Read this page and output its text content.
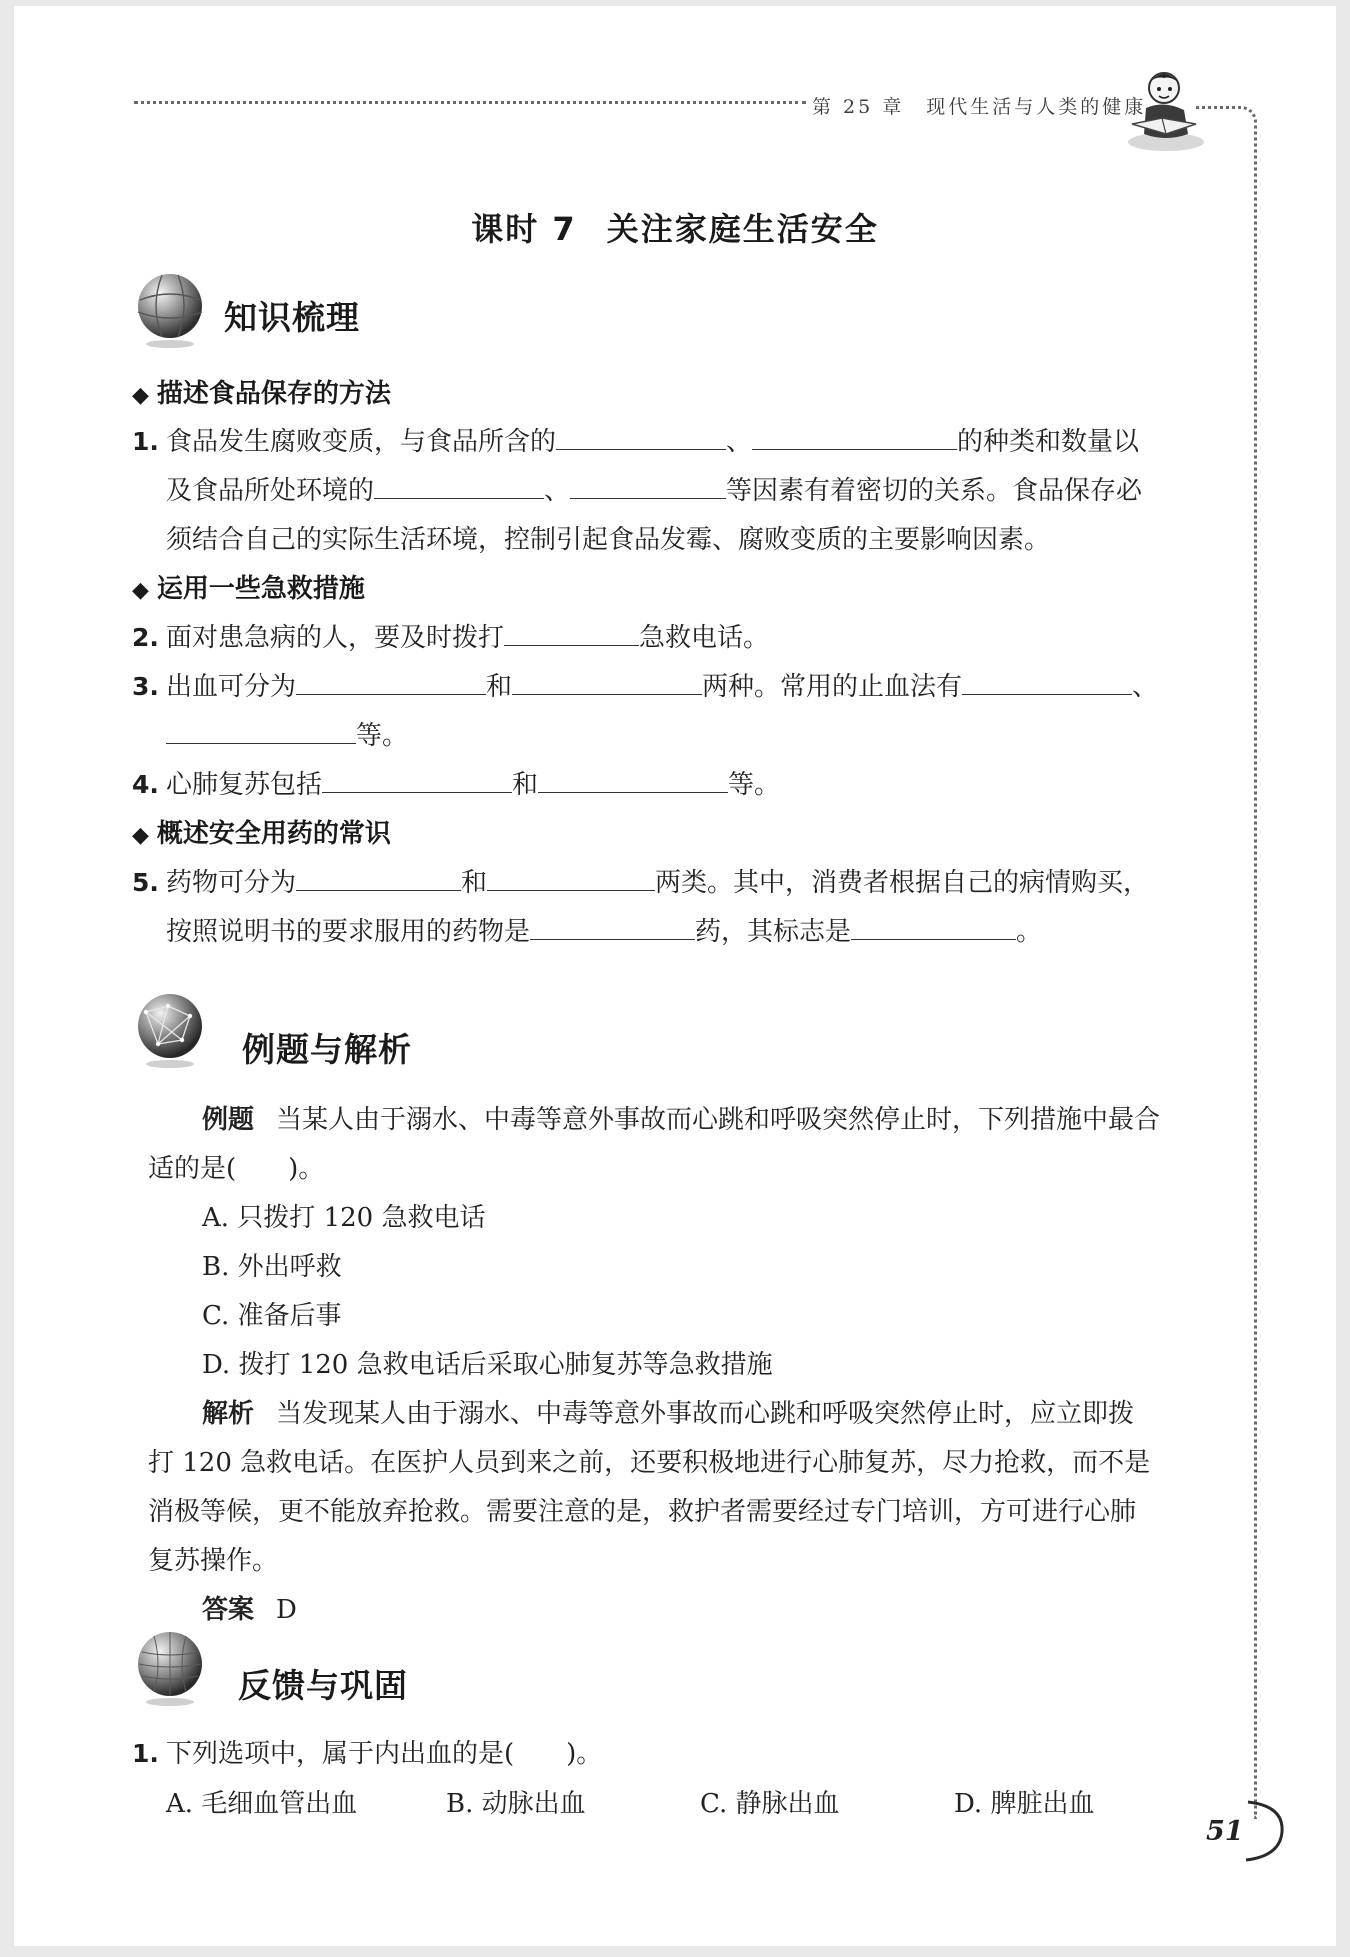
第 25 章 现代生活与人类的健康
51
课时 7 关注家庭生活安全
知识梳理
◆ 描述食品保存的方法
1. 食品发生腐败变质，与食品所含的	、	的种类和数量以
及食品所处环境的	、	等因素有着密切的关系。食品保存必
须结合自己的实际生活环境，控制引起食品发霉、腐败变质的主要影响因素。
◆ 运用一些急救措施
2. 面对患急病的人，要及时拨打	急救电话。
3. 出血可分为	和	两种。常用的止血法有	、
等。
4. 心肺复苏包括	和	等。
◆ 概述安全用药的常识
5. 药物可分为	和	两类。其中，消费者根据自己的病情购买，
按照说明书的要求服用的药物是	药，其标志是	。
例题与解析
例题 当某人由于溺水、中毒等意外事故而心跳和呼吸突然停止时，下列措施中最合
适的是(　　)。
A. 只拨打 120 急救电话
B. 外出呼救
C. 准备后事
D. 拨打 120 急救电话后采取心肺复苏等急救措施
解析 当发现某人由于溺水、中毒等意外事故而心跳和呼吸突然停止时，应立即拨
打 120 急救电话。在医护人员到来之前，还要积极地进行心肺复苏，尽力抢救，而不是
消极等候，更不能放弃抢救。需要注意的是，救护者需要经过专门培训，方可进行心肺
复苏操作。
答案 D
反馈与巩固
1. 下列选项中，属于内出血的是(　　)。
A. 毛细血管出血	B. 动脉出血	C. 静脉出血	D. 脾脏出血
